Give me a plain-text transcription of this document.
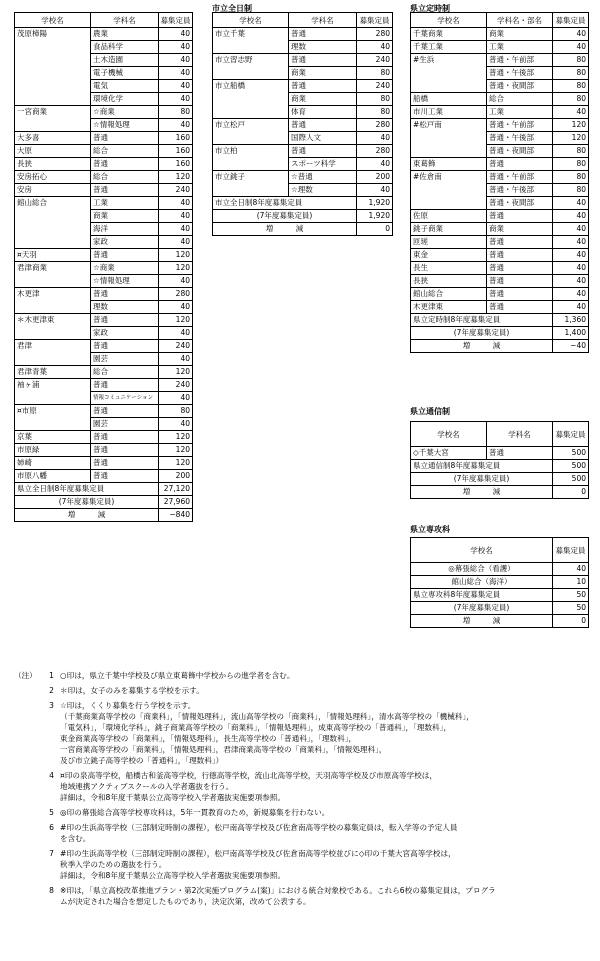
市立全日制	県立定時制
県立通信制
県立専攻科
学校名	学科名	募集定員
茂原樟陽	農業	40
	食品科学	40
	土木造園	40
	電子機械	40
	電気	40
	環境化学	40
一宮商業	☆商業	80
	☆情報処理	40
大多喜	普通	160
大原	総合	160
長狭	普通	160
安房拓心	総合	120
安房	普通	240
館山総合	工業	40
	商業	40
	海洋	40
	家政	40
¤天羽	普通	120
君津商業	☆商業	120
	☆情報処理	40
木更津	普通	280
	理数	40
＊木更津東	普通	120
	家政	40
君津	普通	240
	園芸	40
君津青葉	総合	120
袖ヶ浦	普通	240
	情報コミュニケーション	40
¤市原	普通	80
	園芸	40
京葉	普通	120
市原緑	普通	120
姉崎	普通	120
市原八幡	普通	200
県立全日制8年度募集定員		27,120
(7年度募集定員)		27,960
増　　　減		−840
学校名	学科名	募集定員
市立千葉	普通	280
	理数	40
市立習志野	普通	240
	商業	80
市立船橋	普通	240
	商業	80
	体育	80
市立松戸	普通	280
	国際人文	40
市立柏	普通	280
	スポーツ科学	40
市立銚子	☆普通	200
	☆理数	40
市立全日制8年度募集定員		1,920
(7年度募集定員)		1,920
増　　　減		0
学校名	学科名・部名	募集定員
千葉商業	商業	40
千葉工業	工業	40
#生浜	普通・午前部	80
	普通・午後部	80
	普通・夜間部	80
船橋	総合	80
市川工業	工業	40
#松戸南	普通・午前部	120
	普通・午後部	120
	普通・夜間部	80
東葛飾	普通	80
#佐倉南	普通・午前部	80
	普通・午後部	80
	普通・夜間部	40
佐原	普通	40
銚子商業	商業	40
匝瑳	普通	40
東金	普通	40
長生	普通	40
長狭	普通	40
館山総合	普通	40
木更津東	普通	40
県立定時制8年度募集定員		1,360
(7年度募集定員)		1,400
増　　　減		−40
学校名	学科名	募集定員
◇千葉大宮	普通	500
県立通信制8年度募集定員		500
(7年度募集定員)		500
増　　　減		0
学校名	募集定員
◎幕張総合（看護）	40
館山総合（海洋）	10
県立専攻科8年度募集定員	50
(7年度募集定員)	50
増　　　減	0
（注）	1 ○印は，県立千葉中学校及び県立東葛飾中学校からの進学者を含む。
2 ＊印は，女子のみを募集する学校を示す。
3 ☆印は，くくり募集を行う学校を示す。
（千葉商業高等学校の「商業科」，「情報処理科」，流山高等学校の「商業科」，「情報処理科」，清水高等学校の「機械科」，
「電気科」，「環境化学科」，銚子商業高等学校の「商業科」，「情報処理科」，成東高等学校の「普通科」，「理数科」，
東金商業高等学校の「商業科」，「情報処理科」，長生高等学校の「普通科」，「理数科」，
一宮商業高等学校の「商業科」，「情報処理科」，君津商業高等学校の「商業科」，「情報処理科」，
及び市立銚子高等学校の「普通科」，「理数科」）
4 ¤印の泉高等学校，船橋古和釜高等学校，行徳高等学校，流山北高等学校，天羽高等学校及び市原高等学校は，
地域連携アクティブスクールの入学者選抜を行う。
詳細は，令和8年度千葉県公立高等学校入学者選抜実施要項参照。
5 ◎印の幕張総合高等学校専攻科は，5年一貫教育のため，新規募集を行わない。
6 #印の生浜高等学校（三部制定時制の課程），松戸南高等学校及び佐倉南高等学校の募集定員は，転入学等の予定人員
を含む。
7 #印の生浜高等学校（三部制定時制の課程），松戸南高等学校及び佐倉南高等学校並びに◇印の千葉大宮高等学校は，
秋季入学のための選抜を行う。
詳細は，令和8年度千葉県公立高等学校入学者選抜実施要項参照。
8 ※印は，「県立高校改革推進プラン・第2次実施プログラム(案)」における統合対象校である。これら6校の募集定員は，プログラ
ムが決定された場合を想定したものであり，決定次第，改めて公表する。
